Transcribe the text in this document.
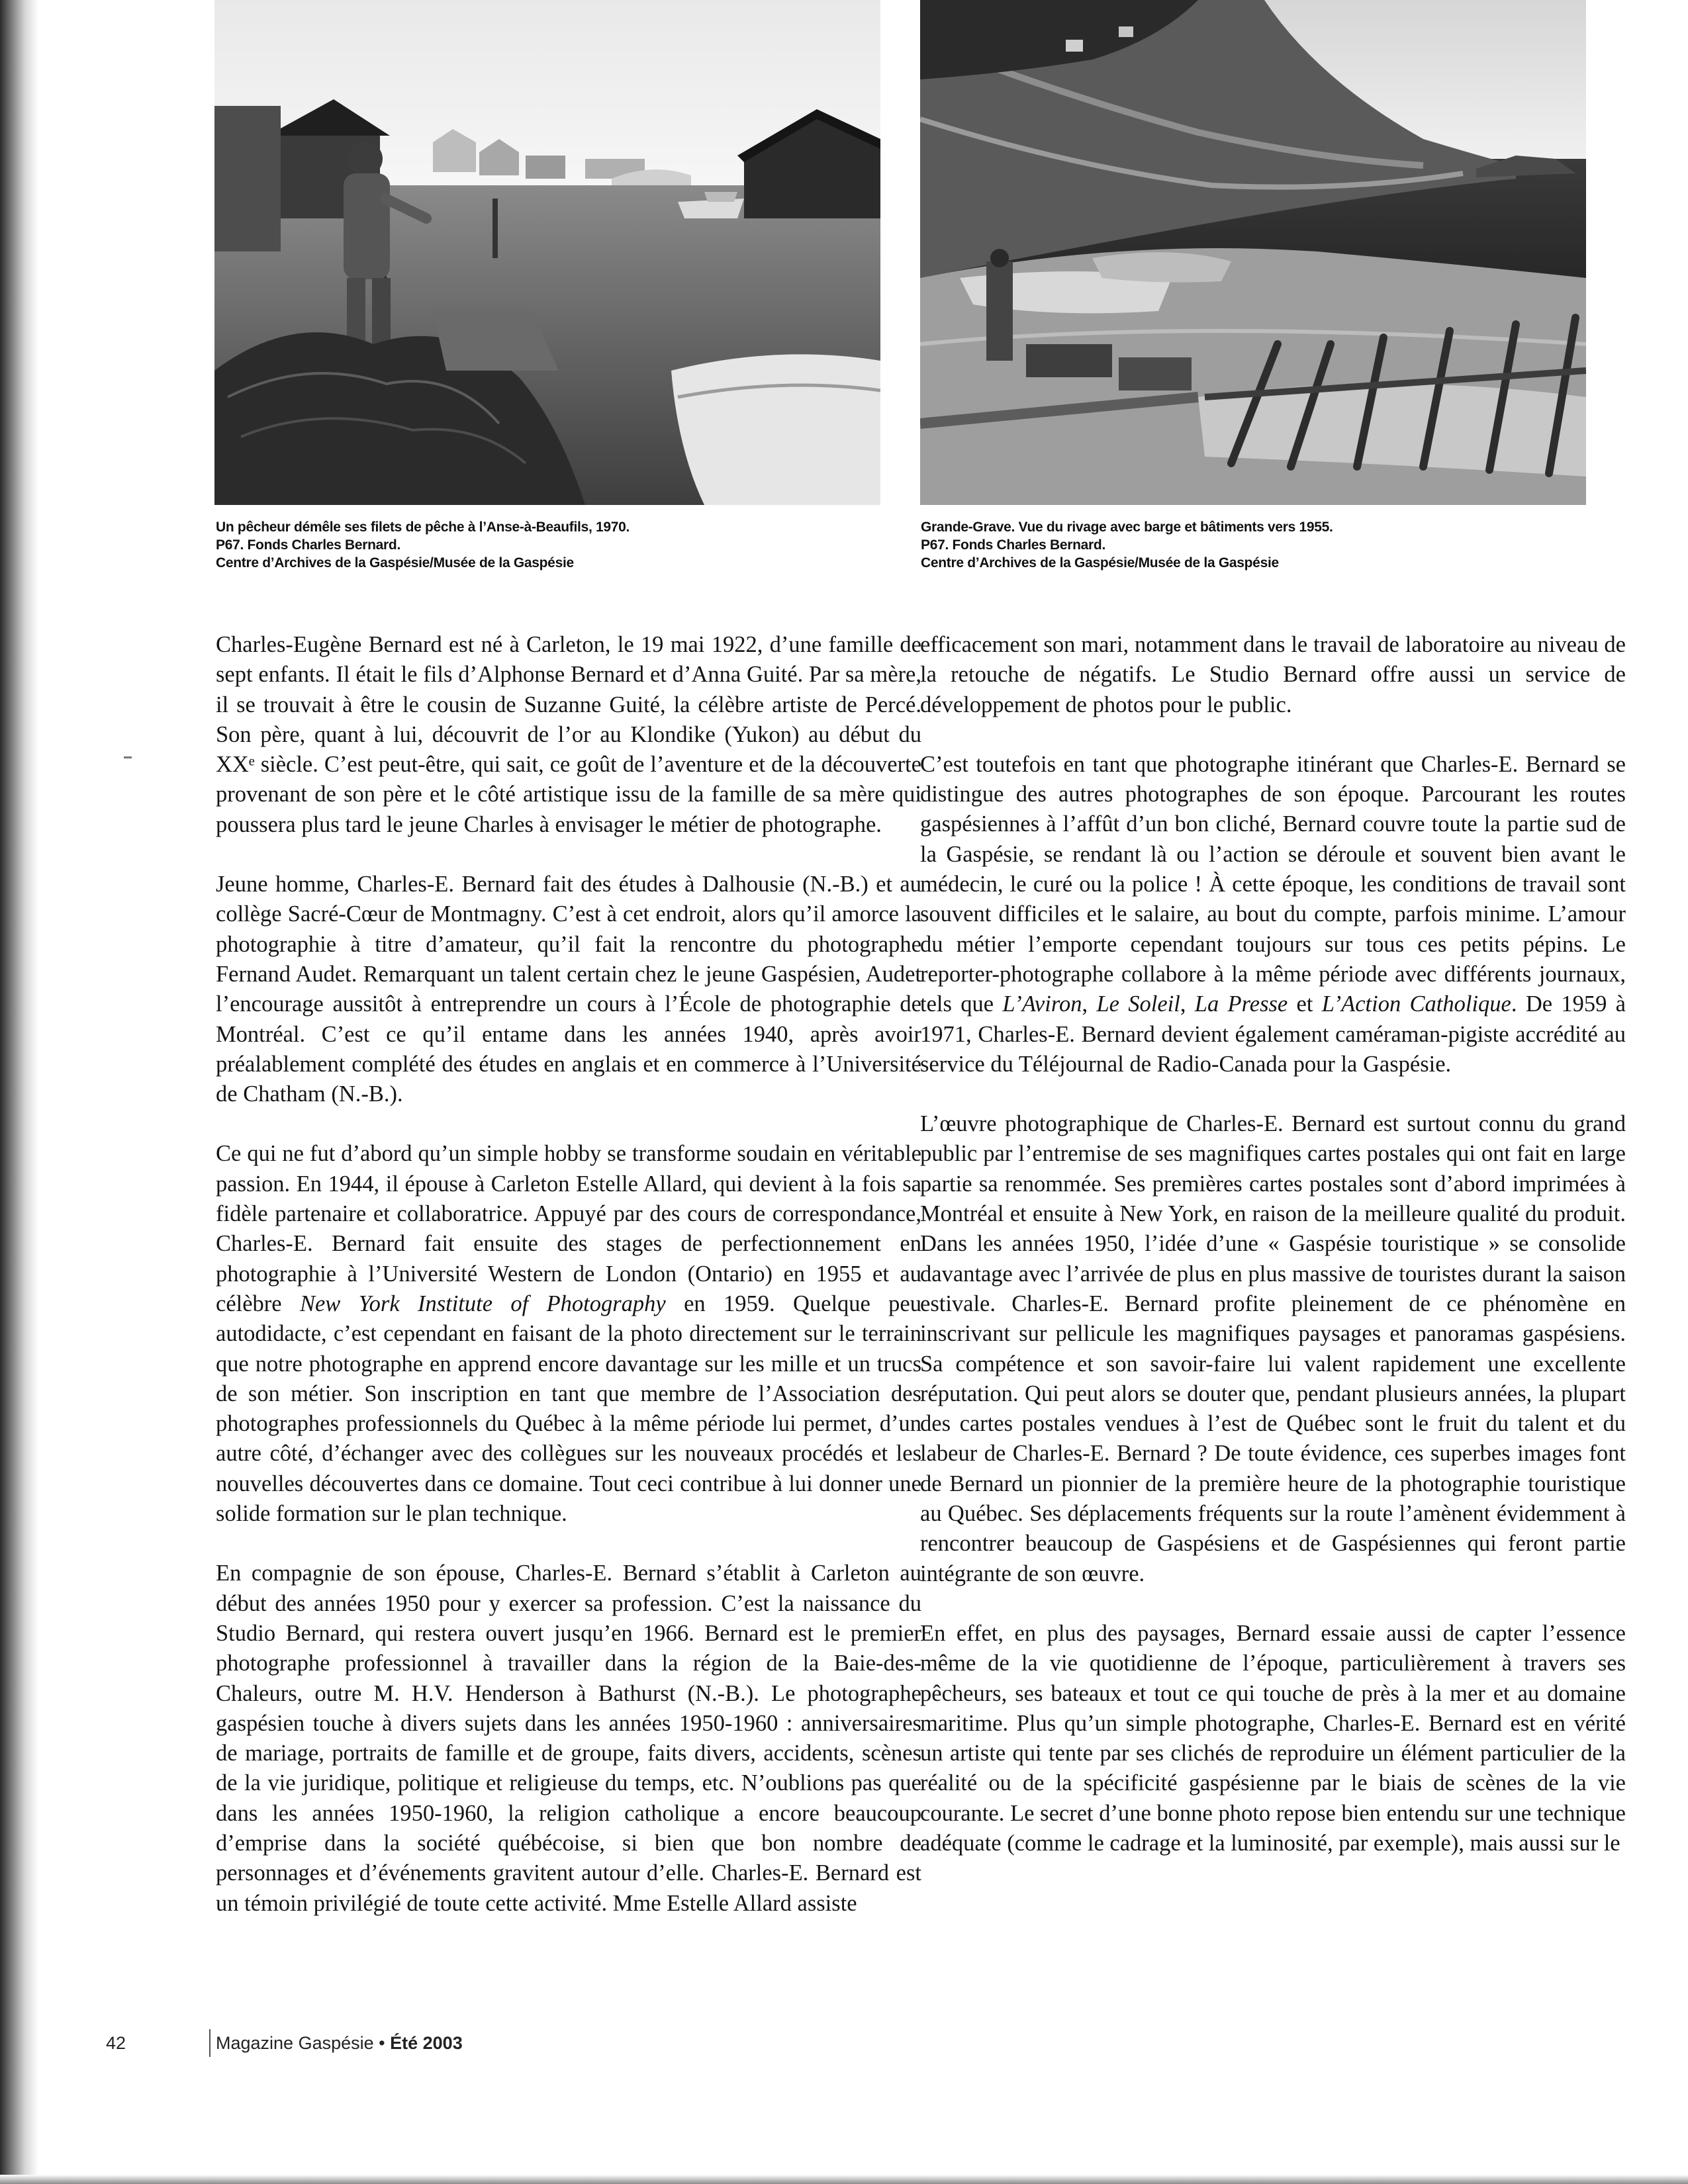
Un pêcheur démêle ses filets de pêche à l’Anse-à-Beaufils, 1970.
P67. Fonds Charles Bernard.
Centre d’Archives de la Gaspésie/Musée de la Gaspésie
Grande-Grave. Vue du rivage avec barge et bâtiments vers 1955.
P67. Fonds Charles Bernard.
Centre d’Archives de la Gaspésie/Musée de la Gaspésie

Charles-Eugène Bernard est né à Carleton, le 19 mai 1922, d’une famille de sept enfants. Il était le fils d’Alphonse Bernard et d’Anna Guité. Par sa mère, il se trouvait à être le cousin de Suzanne Guité, la célèbre artiste de Percé. Son père, quant à lui, découvrit de l’or au Klondike (Yukon) au début du XXᵉ siècle. C’est peut-être, qui sait, ce goût de l’aventure et de la découverte provenant de son père et le côté artistique issu de la famille de sa mère qui poussera plus tard le jeune Charles à envisager le métier de photographe.

Jeune homme, Charles-E. Bernard fait des études à Dalhousie (N.-B.) et au collège Sacré-Cœur de Montmagny. C’est à cet endroit, alors qu’il amorce la photographie à titre d’amateur, qu’il fait la rencontre du photographe Fernand Audet. Remarquant un talent certain chez le jeune Gaspésien, Audet l’encourage aussitôt à entreprendre un cours à l’École de photographie de Montréal. C’est ce qu’il entame dans les années 1940, après avoir préalablement complété des études en anglais et en commerce à l’Université de Chatham (N.-B.).

Ce qui ne fut d’abord qu’un simple hobby se transforme soudain en véritable passion. En 1944, il épouse à Carleton Estelle Allard, qui devient à la fois sa fidèle partenaire et collaboratrice. Appuyé par des cours de correspondance, Charles-E. Bernard fait ensuite des stages de perfectionnement en photographie à l’Université Western de London (Ontario) en 1955 et au célèbre New York Institute of Photography en 1959. Quelque peu autodidacte, c’est cependant en faisant de la photo directement sur le terrain que notre photographe en apprend encore davantage sur les mille et un trucs de son métier. Son inscription en tant que membre de l’Association des photographes professionnels du Québec à la même période lui permet, d’un autre côté, d’échanger avec des collègues sur les nouveaux procédés et les nouvelles découvertes dans ce domaine. Tout ceci contribue à lui donner une solide formation sur le plan technique.

En compagnie de son épouse, Charles-E. Bernard s’établit à Carleton au début des années 1950 pour y exercer sa profession. C’est la naissance du Studio Bernard, qui restera ouvert jusqu’en 1966. Bernard est le premier photographe professionnel à travailler dans la région de la Baie-des-Chaleurs, outre M. H.V. Henderson à Bathurst (N.-B.). Le photographe gaspésien touche à divers sujets dans les années 1950-1960 : anniversaires de mariage, portraits de famille et de groupe, faits divers, accidents, scènes de la vie juridique, politique et religieuse du temps, etc. N’oublions pas que dans les années 1950-1960, la religion catholique a encore beaucoup d’emprise dans la société québécoise, si bien que bon nombre de personnages et d’événements gravitent autour d’elle. Charles-E. Bernard est un témoin privilégié de toute cette activité. Mme Estelle Allard assiste

efficacement son mari, notamment dans le travail de laboratoire au niveau de la retouche de négatifs. Le Studio Bernard offre aussi un service de développement de photos pour le public.

C’est toutefois en tant que photographe itinérant que Charles-E. Bernard se distingue des autres photographes de son époque. Parcourant les routes gaspésiennes à l’affût d’un bon cliché, Bernard couvre toute la partie sud de la Gaspésie, se rendant là ou l’action se déroule et souvent bien avant le médecin, le curé ou la police ! À cette époque, les conditions de travail sont souvent difficiles et le salaire, au bout du compte, parfois minime. L’amour du métier l’emporte cependant toujours sur tous ces petits pépins. Le reporter-photographe collabore à la même période avec différents journaux, tels que L’Aviron, Le Soleil, La Presse et L’Action Catholique. De 1959 à 1971, Charles-E. Bernard devient également caméraman-pigiste accrédité au service du Téléjournal de Radio-Canada pour la Gaspésie.

L’œuvre photographique de Charles-E. Bernard est surtout connu du grand public par l’entremise de ses magnifiques cartes postales qui ont fait en large partie sa renommée. Ses premières cartes postales sont d’abord imprimées à Montréal et ensuite à New York, en raison de la meilleure qualité du produit. Dans les années 1950, l’idée d’une « Gaspésie touristique » se consolide davantage avec l’arrivée de plus en plus massive de touristes durant la saison estivale. Charles-E. Bernard profite pleinement de ce phénomène en inscrivant sur pellicule les magnifiques paysages et panoramas gaspésiens. Sa compétence et son savoir-faire lui valent rapidement une excellente réputation. Qui peut alors se douter que, pendant plusieurs années, la plupart des cartes postales vendues à l’est de Québec sont le fruit du talent et du labeur de Charles-E. Bernard ? De toute évidence, ces superbes images font de Bernard un pionnier de la première heure de la photographie touristique au Québec. Ses déplacements fréquents sur la route l’amènent évidemment à rencontrer beaucoup de Gaspésiens et de Gaspésiennes qui feront partie intégrante de son œuvre.

En effet, en plus des paysages, Bernard essaie aussi de capter l’essence même de la vie quotidienne de l’époque, particulièrement à travers ses pêcheurs, ses bateaux et tout ce qui touche de près à la mer et au domaine maritime. Plus qu’un simple photographe, Charles-E. Bernard est en vérité un artiste qui tente par ses clichés de reproduire un élément particulier de la réalité ou de la spécificité gaspésienne par le biais de scènes de la vie courante. Le secret d’une bonne photo repose bien entendu sur une technique adéquate (comme le cadrage et la luminosité, par exemple), mais aussi sur le

42	Magazine Gaspésie • Été 2003
